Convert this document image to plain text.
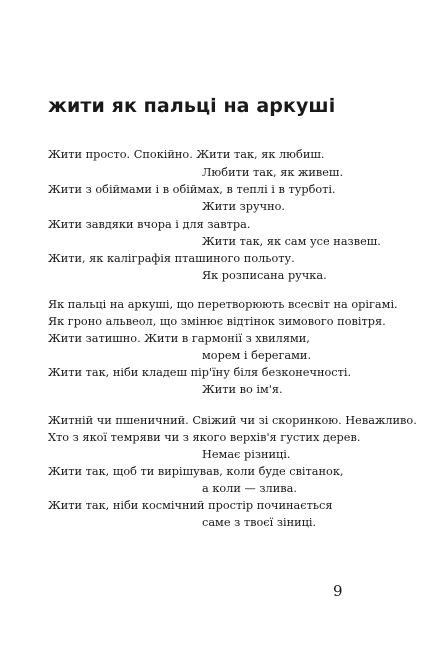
жити як пальці на аркуші
Жити просто. Спокійно. Жити так, як любиш.
Любити так, як живеш.
Жити з обіймами і в обіймах, в теплі і в турботі.
Жити зручно.
Жити завдяки вчора і для завтра.
Жити так, як сам усе назвеш.
Жити, як каліграфія пташиного польоту.
Як розписана ручка.
Як пальці на аркуші, що перетворюють всесвіт на орігамі.
Як гроно альвеол, що змінює відтінок зимового повітря.
Жити затишно. Жити в гармонії з хвилями,
морем і берегами.
Жити так, ніби кладеш пір'їну біля безконечності.
Жити во ім'я.
Житній чи пшеничний. Свіжий чи зі скоринкою. Неважливо.
Хто з якої темряви чи з якого верхів'я густих дерев.
Немає різниці.
Жити так, щоб ти вирішував, коли буде світанок,
а коли — злива.
Жити так, ніби космічний простір починається
саме з твоєї зіниці.
9
